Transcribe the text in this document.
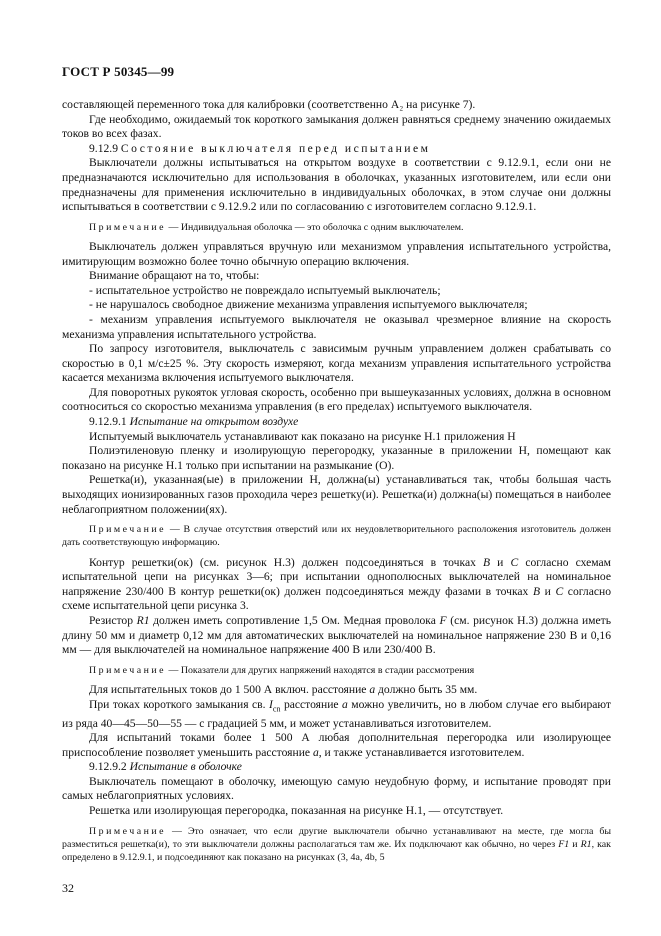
ГОСТ Р 50345—99

составляющей переменного тока для калибровки (соответственно A₂ на рисунке 7).

Где необходимо, ожидаемый ток короткого замыкания должен равняться среднему значению ожидаемых токов во всех фазах.

9.12.9 Состояние выключателя перед испытанием

Выключатели должны испытываться на открытом воздухе в соответствии с 9.12.9.1, если они не предназначаются исключительно для использования в оболочках, указанных изготовителем, или если они предназначены для применения исключительно в индивидуальных оболочках, в этом случае они должны испытываться в соответствии с 9.12.9.2 или по согласованию с изготовителем согласно 9.12.9.1.

Примечание — Индивидуальная оболочка — это оболочка с одним выключателем.

Выключатель должен управляться вручную или механизмом управления испытательного устройства, имитирующим возможно более точно обычную операцию включения.

Внимание обращают на то, чтобы:

- испытательное устройство не повреждало испытуемый выключатель;

- не нарушалось свободное движение механизма управления испытуемого выключателя;

- механизм управления испытуемого выключателя не оказывал чрезмерное влияние на скорость механизма управления испытательного устройства.

По запросу изготовителя, выключатель с зависимым ручным управлением должен срабатывать со скоростью в 0,1 м/с±25 %. Эту скорость измеряют, когда механизм управления испытательного устройства касается механизма включения испытуемого выключателя.

Для поворотных рукояток угловая скорость, особенно при вышеуказанных условиях, должна в основном соотноситься со скоростью механизма управления (в его пределах) испытуемого выключателя.

9.12.9.1 Испытание на открытом воздухе

Испытуемый выключатель устанавливают как показано на рисунке Н.1 приложения Н

Полиэтиленовую пленку и изолирующую перегородку, указанные в приложении Н, помещают как показано на рисунке Н.1 только при испытании на размыкание (О).

Решетка(и), указанная(ые) в приложении Н, должна(ы) устанавливаться так, чтобы большая часть выходящих ионизированных газов проходила через решетку(и). Решетка(и) должна(ы) помещаться в наиболее неблагоприятном положении(ях).

Примечание — В случае отсутствия отверстий или их неудовлетворительного расположения изготовитель должен дать соответствующую информацию.

Контур решетки(ок) (см. рисунок Н.3) должен подсоединяться в точках B и C согласно схемам испытательной цепи на рисунках 3—6; при испытании однополюсных выключателей на номинальное напряжение 230/400 В контур решетки(ок) должен подсоединяться между фазами в точках B и C согласно схеме испытательной цепи рисунка 3.

Резистор R1 должен иметь сопротивление 1,5 Ом. Медная проволока F (см. рисунок Н.3) должна иметь длину 50 мм и диаметр 0,12 мм для автоматических выключателей на номинальное напряжение 230 В и 0,16 мм — для выключателей на номинальное напряжение 400 В или 230/400 В.

Примечание — Показатели для других напряжений находятся в стадии рассмотрения

Для испытательных токов до 1 500 А включ. расстояние a должно быть 35 мм.

При токах короткого замыкания св. $I_{cn}$ расстояние a можно увеличить, но в любом случае его выбирают из ряда 40—45—50—55 — с градацией 5 мм, и может устанавливаться изготовителем.

Для испытаний токами более 1 500 А любая дополнительная перегородка или изолирующее приспособление позволяет уменьшить расстояние a, и также устанавливается изготовителем.

9.12.9.2 Испытание в оболочке

Выключатель помещают в оболочку, имеющую самую неудобную форму, и испытание проводят при самых неблагоприятных условиях.

Решетка или изолирующая перегородка, показанная на рисунке Н.1, — отсутствует.

Примечание — Это означает, что если другие выключатели обычно устанавливают на месте, где могла бы разместиться решетка(и), то эти выключатели должны располагаться там же. Их подключают как обычно, но через F1 и R1, как определено в 9.12.9.1, и подсоединяют как показано на рисунках (3, 4а, 4b, 5

32
